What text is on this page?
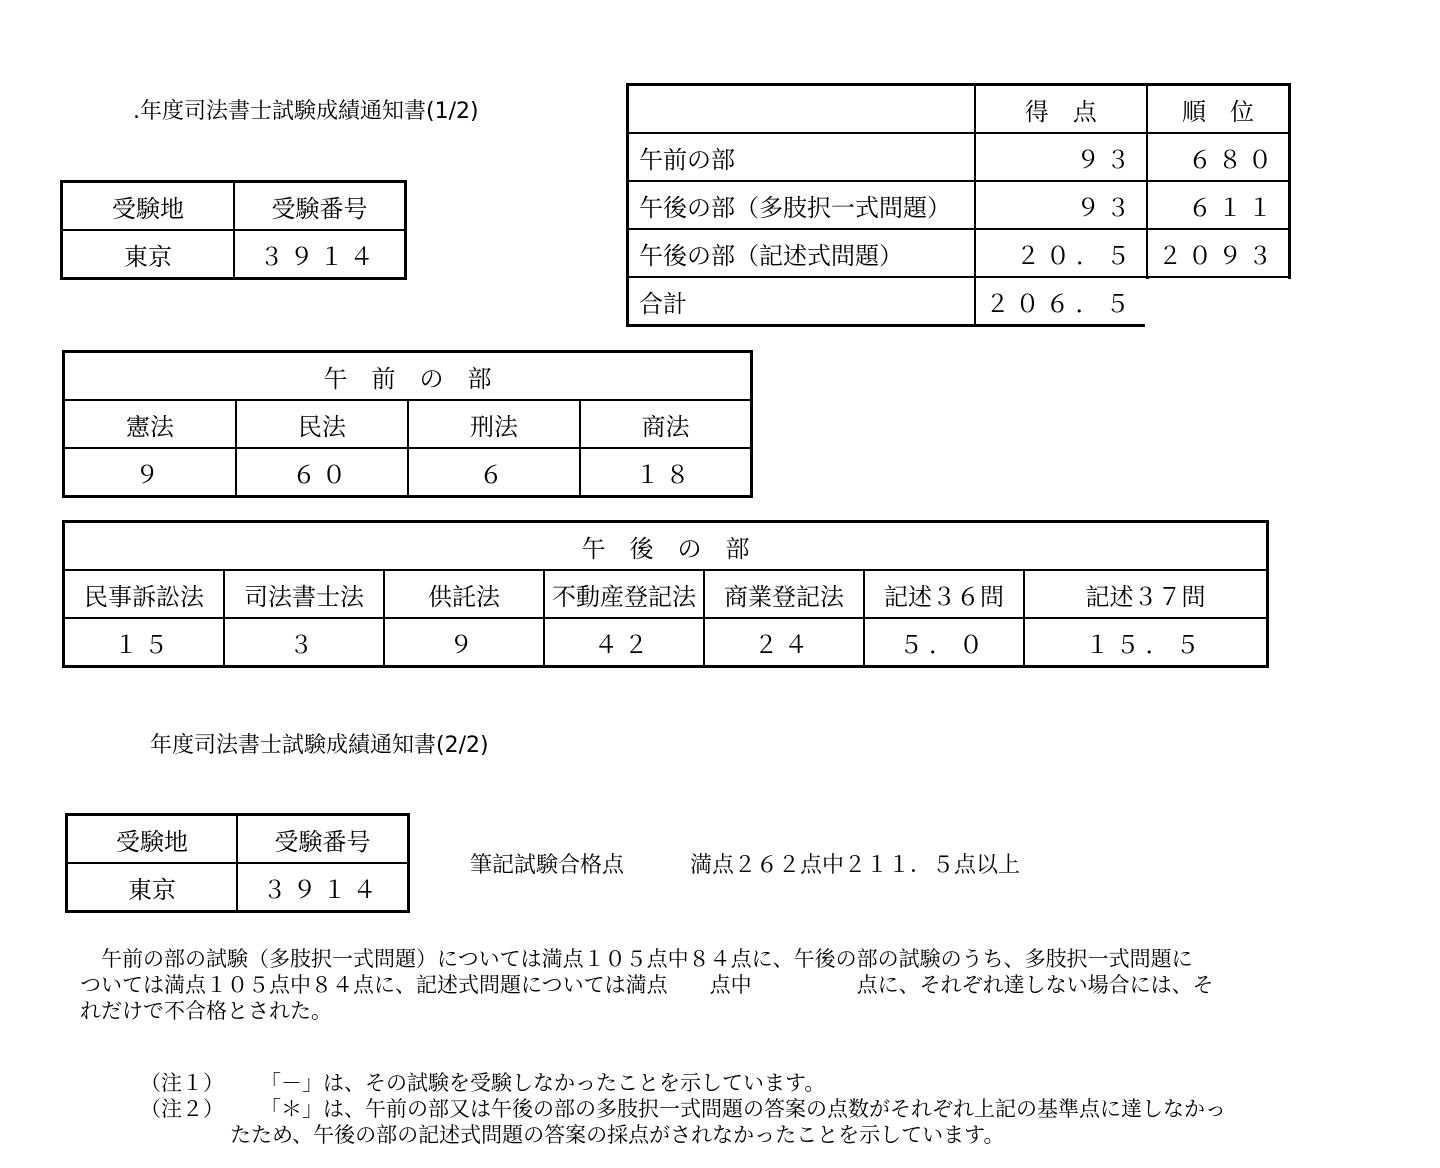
.年度司法書士試験成績通知書(1/2)
受験地	受験番号
東京	３９１４
	得　点	順　位
午前の部	９３	６８０
午後の部（多肢択一式問題）	９３	６１１
午後の部（記述式問題）	２０．５	２０９３
合計	２０６．５	
午　前　の　部			
憲法	民法	刑法	商法
９	６０	６	１８
午　後　の　部						
民事訴訟法	司法書士法	供託法	不動産登記法	商業登記法	記述３６問	記述３７問
１５	３	９	４２	２４	５．０	１５．５
年度司法書士試験成績通知書(2/2)
受験地	受験番号
東京	３９１４
筆記試験合格点	満点２６２点中２１１．５点以上
　午前の部の試験（多肢択一式問題）については満点１０５点中８４点に、午後の部の試験のうち、多肢択一式問題に
ついては満点１０５点中８４点に、記述式問題については満点　　点中　　　　　点に、それぞれ達しない場合には、そ
れだけで不合格とされた。
（注１）	「－」は、その試験を受験しなかったことを示しています。
（注２）	「＊」は、午前の部又は午後の部の多肢択一式問題の答案の点数がそれぞれ上記の基準点に達しなかっ
たため、午後の部の記述式問題の答案の採点がされなかったことを示しています。
